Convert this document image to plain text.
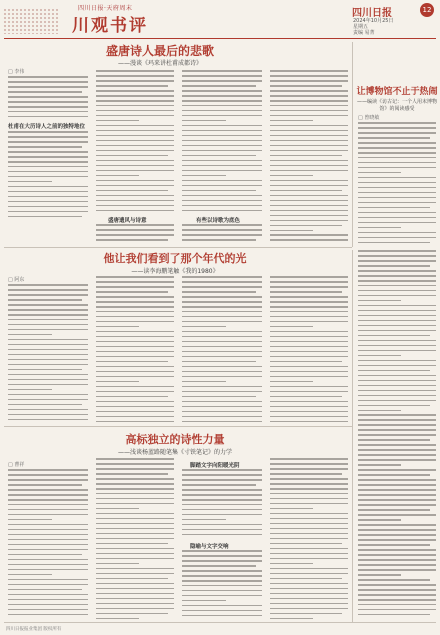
四川日报·天府周末
川观书评
四川日报	12
2024年10月25日
星期五
责编 易菁
盛唐诗人最后的悲歌
——漫谈《玛来讲杜甫成都诗》
□ 李伟
杜甫在大历诗人之前的独特地位
盛唐遗风与诗意	有些以诗歌为底色
让博物馆不止于热闹
——编读《访古记：一个人用末博物馆》的阅读感受
□ 曾晓敏
他让我们看到了那个年代的光
——读李海鹏笔触《我的1980》
□ 阿东
高标独立的诗性力量
——浅谈杨蓝路随笔集《寸铁笔记》的力学
□ 曹祥	脚踏文字向阳暖光阴
隐喻与文字交响
四川日报报业集团 版权所有
